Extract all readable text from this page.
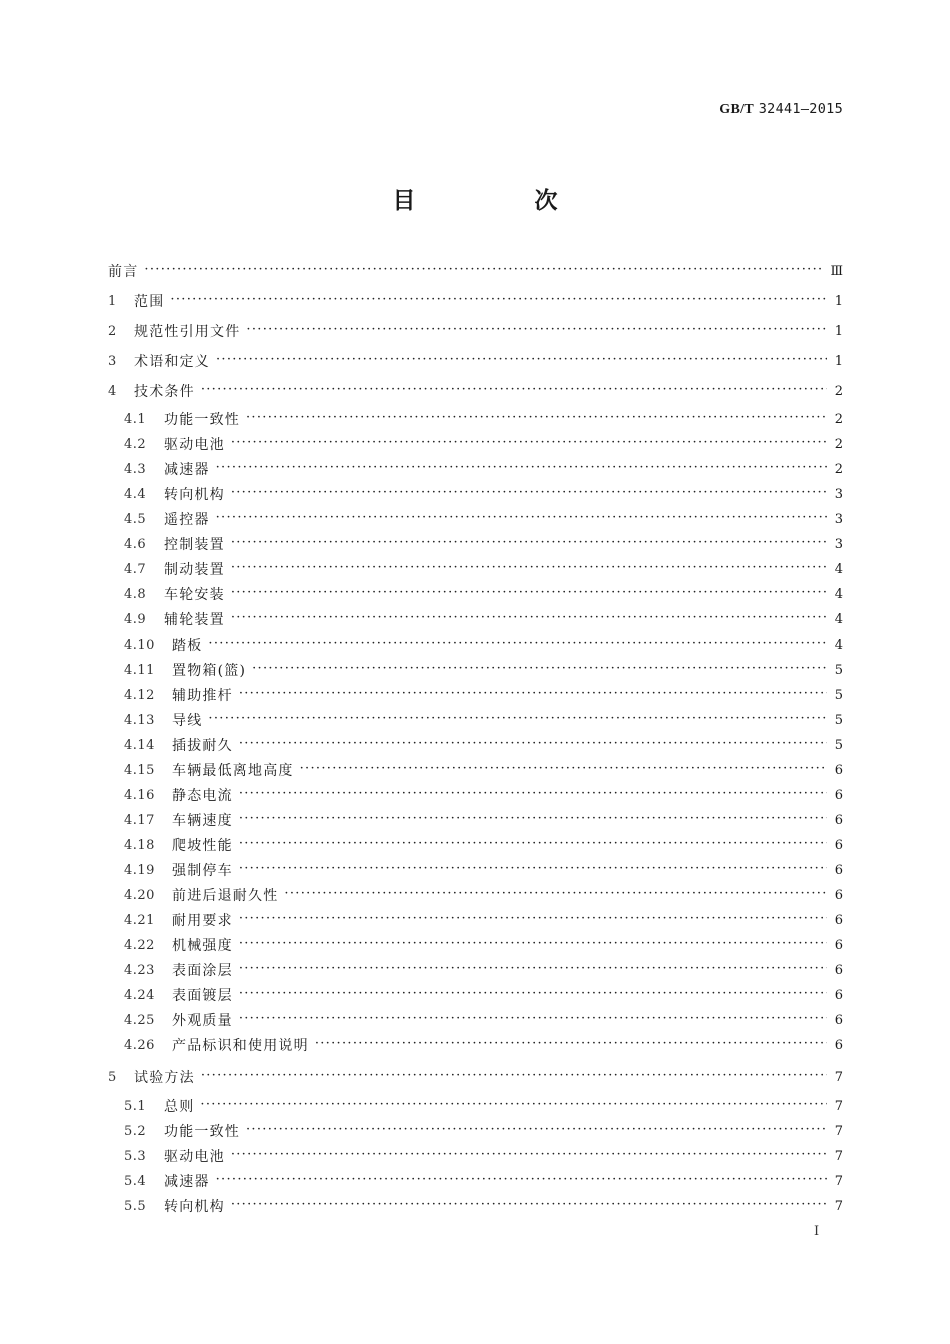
GB/T 32441—2015
目　次
前言 ·····	Ⅲ
1	范围 ·····	1
2	规范性引用文件 ·····	1
3	术语和定义 ·····	1
4	技术条件 ·····	2
4.1	功能一致性 ·····	2
4.2	驱动电池 ·····	2
4.3	减速器 ·····	2
4.4	转向机构 ·····	3
4.5	遥控器 ·····	3
4.6	控制装置 ·····	3
4.7	制动装置 ·····	4
4.8	车轮安装 ·····	4
4.9	辅轮装置 ·····	4
4.10	踏板 ·····	4
4.11	置物箱(篮) ·····	5
4.12	辅助推杆 ·····	5
4.13	导线 ·····	5
4.14	插拔耐久 ·····	5
4.15	车辆最低离地高度 ·····	6
4.16	静态电流 ·····	6
4.17	车辆速度 ·····	6
4.18	爬坡性能 ·····	6
4.19	强制停车 ·····	6
4.20	前进后退耐久性 ·····	6
4.21	耐用要求 ·····	6
4.22	机械强度 ·····	6
4.23	表面涂层 ·····	6
4.24	表面镀层 ·····	6
4.25	外观质量 ·····	6
4.26	产品标识和使用说明 ·····	6
5	试验方法 ·····	7
5.1	总则 ·····	7
5.2	功能一致性 ·····	7
5.3	驱动电池 ·····	7
5.4	减速器 ·····	7
5.5	转向机构 ·····	7
I
